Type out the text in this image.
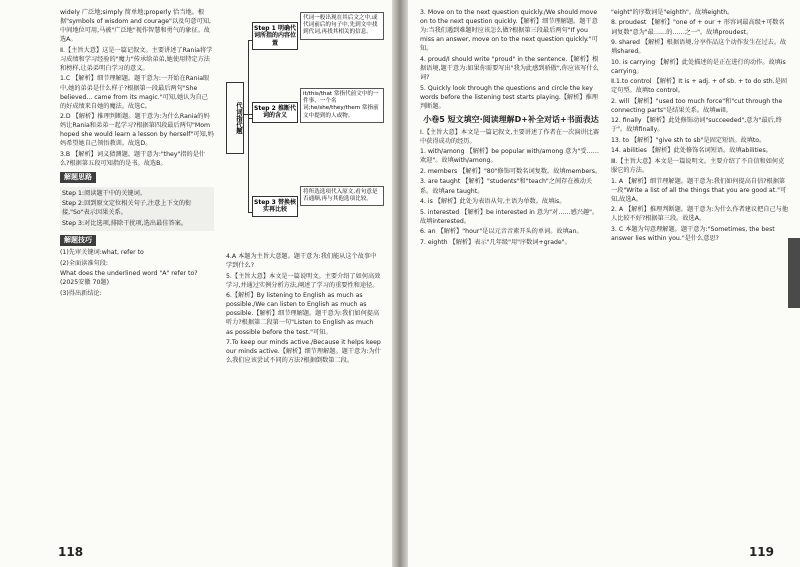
widely 广泛地;simply 简单地;properly 恰当地。根据"symbols of wisdom and courage"以及句意可知,中间地位可用,马被"广泛地"视作智慧和勇气的象征。故选A。

Ⅱ.【主旨大意】这是一篇记叙文。主要讲述了Rania将学习成绩和学习经验的"魔力"传承给弟弟,她使用特定方法和榜样,让弟弟明白学习的意义。

1.C 【解析】细节理解题。题干意为:一开始在Rania眼中,她的弟弟是什么样子?根据第一段最后两句"She believed... came from its magic."可知,她认为自己的好成绩来自她的魔法。故选C。

2.D 【解析】推理判断题。题干意为:为什么Rania的妈妈让Rania和弟弟一起学习?根据第四段最后两句"Mom hoped she would learn a lesson by herself"可知,妈妈希望她自己领悟教训。故选D。

3.B 【解析】词义猜测题。题干意为:"they"指的是什么?根据第五段可知指的是书。故选B。

解题思路

Step 1:阅读题干中的关键词。

Step 2:回到原文定位相关句子,注意上下文的衔接,"So"表示因果关系。

Step 3:对比选项,排除干扰项,选出最佳答案。

解题技巧

(1)先审关键词:what, refer to

(2)全面读准句段:

What does the underlined word "A" refer to?(2025安徽 70题)

(3)得出新结论:

代词指代题
Step 1 明确代词所指的内容位置
代词一般出现在其后文之中,或代词前后的句子中,先到文中找到代词,再找其相关的信息。
Step 2 推断代词的含义
it/this/that 常指代前文中的一件事、一个名词;he/she/they/them 常指前文中提到的人或物。
Step 3 替换核实再比较
将所选选项代入原文,看句意是否通顺,再与其他选项比较。

4.A 本题为主旨大意题。题干意为:我们能从这个故事中学到什么?

5.【主旨大意】本文是一篇说明文。主要介绍了如何高效学习,并通过实例分析方法,阐述了学习的重要性和途径。

6.【解析】By listening to English as much as possible./We can listen to English as much as possible.【解析】细节理解题。题干意为:我们如何提高听力?根据第二段第一句"Listen to English as much as possible before the test."可知。

7.To keep our minds active./Because it helps keep our minds active.【解析】细节理解题。题干意为:为什么我们应该尝试不同的方法?根据倒数第二段。

118

3. Move on to the next question quickly./We should move on to the next question quickly.【解析】细节理解题。题干意为:当我们遇到难题时应该怎么做?根据第三段最后两句"If you miss an answer, move on to the next question quickly."可知。

4. proud/I should write "proud" in the sentence.【解析】根据语境,题干意为:如果你需要写出"我为此感到骄傲",你应该写什么词?

5. Quickly look through the questions and circle the key words before the listening test starts playing.【解析】推理判断题。

小卷5 短文填空·阅读理解D+补全对话+书面表达

Ⅰ.【主旨大意】本文是一篇记叙文,主要讲述了作者在一次演讲比赛中获得成功的经历。

1. with/among 【解析】be popular with/among 意为"受……欢迎"。故填with/among。

2. members 【解析】"80"修饰可数名词复数。故填members。

3. are taught 【解析】"students"和"teach"之间存在被动关系。故填are taught。

4. is 【解析】此处为表语从句,主语为单数。故填is。

5. interested 【解析】be interested in 意为"对……感兴趣"。故填interested。

6. an 【解析】"hour"是以元音音素开头的单词。故填an。

7. eighth 【解析】表示"几年级"用"序数词+grade"。

"eight"的序数词是"eighth"。故填eighth。

8. proudest 【解析】"one of + our + 形容词最高级+可数名词复数"意为"最……的……之一"。故填proudest。

9. shared 【解析】根据语境,分享作品这个动作发生在过去。故填shared。

10. is carrying 【解析】此处描述的是正在进行的动作。故填is carrying。

Ⅱ.1.to control 【解析】It is + adj. + of sb. + to do sth.是固定句型。故填to control。

2. will 【解析】"used too much force"和"cut through the connecting parts"是结果关系。故填will。

12. finally 【解析】此处修饰动词"succeeded",意为"最后,终于"。故填finally。

13. to 【解析】"give sth to sb"是固定短语。故填to。

14. abilities 【解析】此处修饰名词短语。故填abilities。

Ⅲ.【主旨大意】本文是一篇说明文。主要介绍了不自信和如何克服它的方法。

1. A 【解析】细节理解题。题干意为:我们如何提高自信?根据第一段"Write a list of all the things that you are good at."可知,故选A。

2. A 【解析】推理判断题。题干意为:为什么作者建议把自己与他人比较不好?根据第三段。故选A。

3. C 本题为句意理解题。题干意为:"Sometimes, the best answer lies within you."是什么意思?

119
